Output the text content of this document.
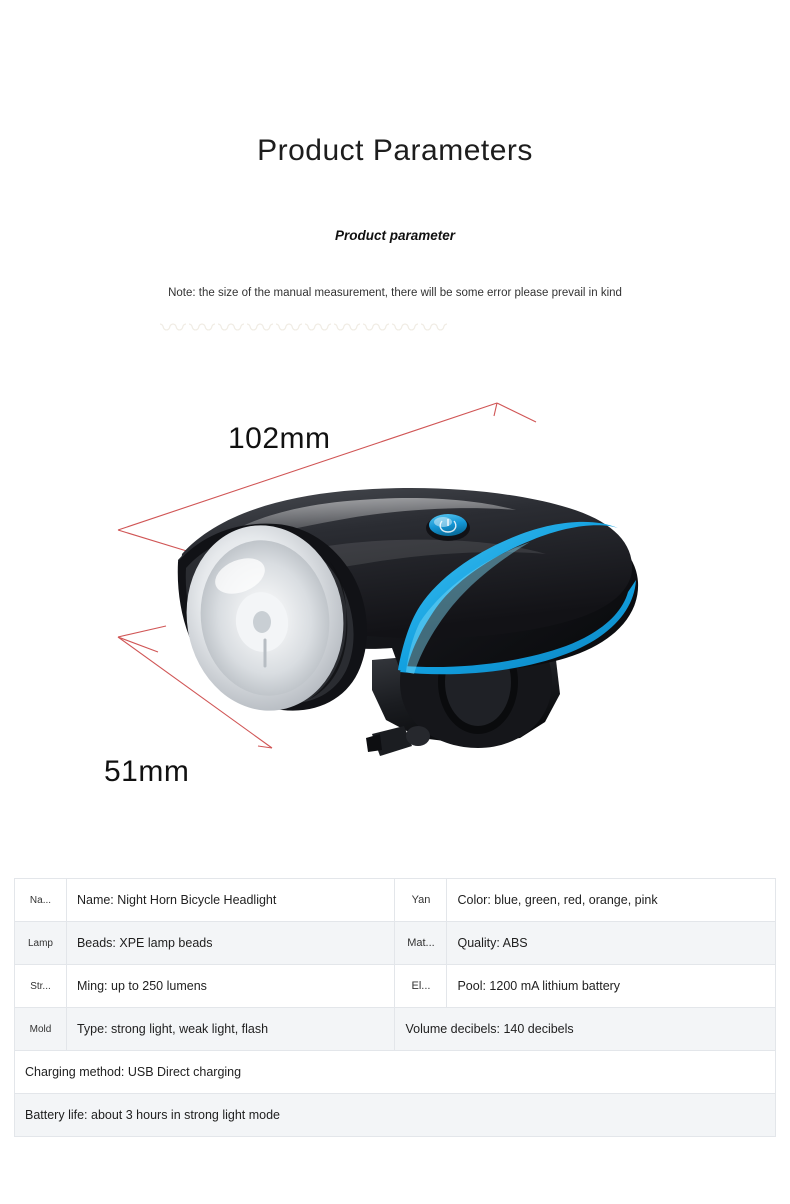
Product Parameters
Product parameter
Note: the size of the manual measurement, there will be some error please prevail in kind
〰〰〰〰〰〰〰〰〰〰
102mm
51mm
Na...	Name: Night Horn Bicycle Headlight	Yan	Color: blue, green, red, orange, pink
Lamp	Beads: XPE lamp beads	Mat...	Quality: ABS
Str...	Ming: up to 250 lumens	El...	Pool: 1200 mA lithium battery
Mold	Type: strong light, weak light, flash	Volume decibels: 140 decibels	
Charging method: USB Direct charging			
Battery life: about 3 hours in strong light mode			
